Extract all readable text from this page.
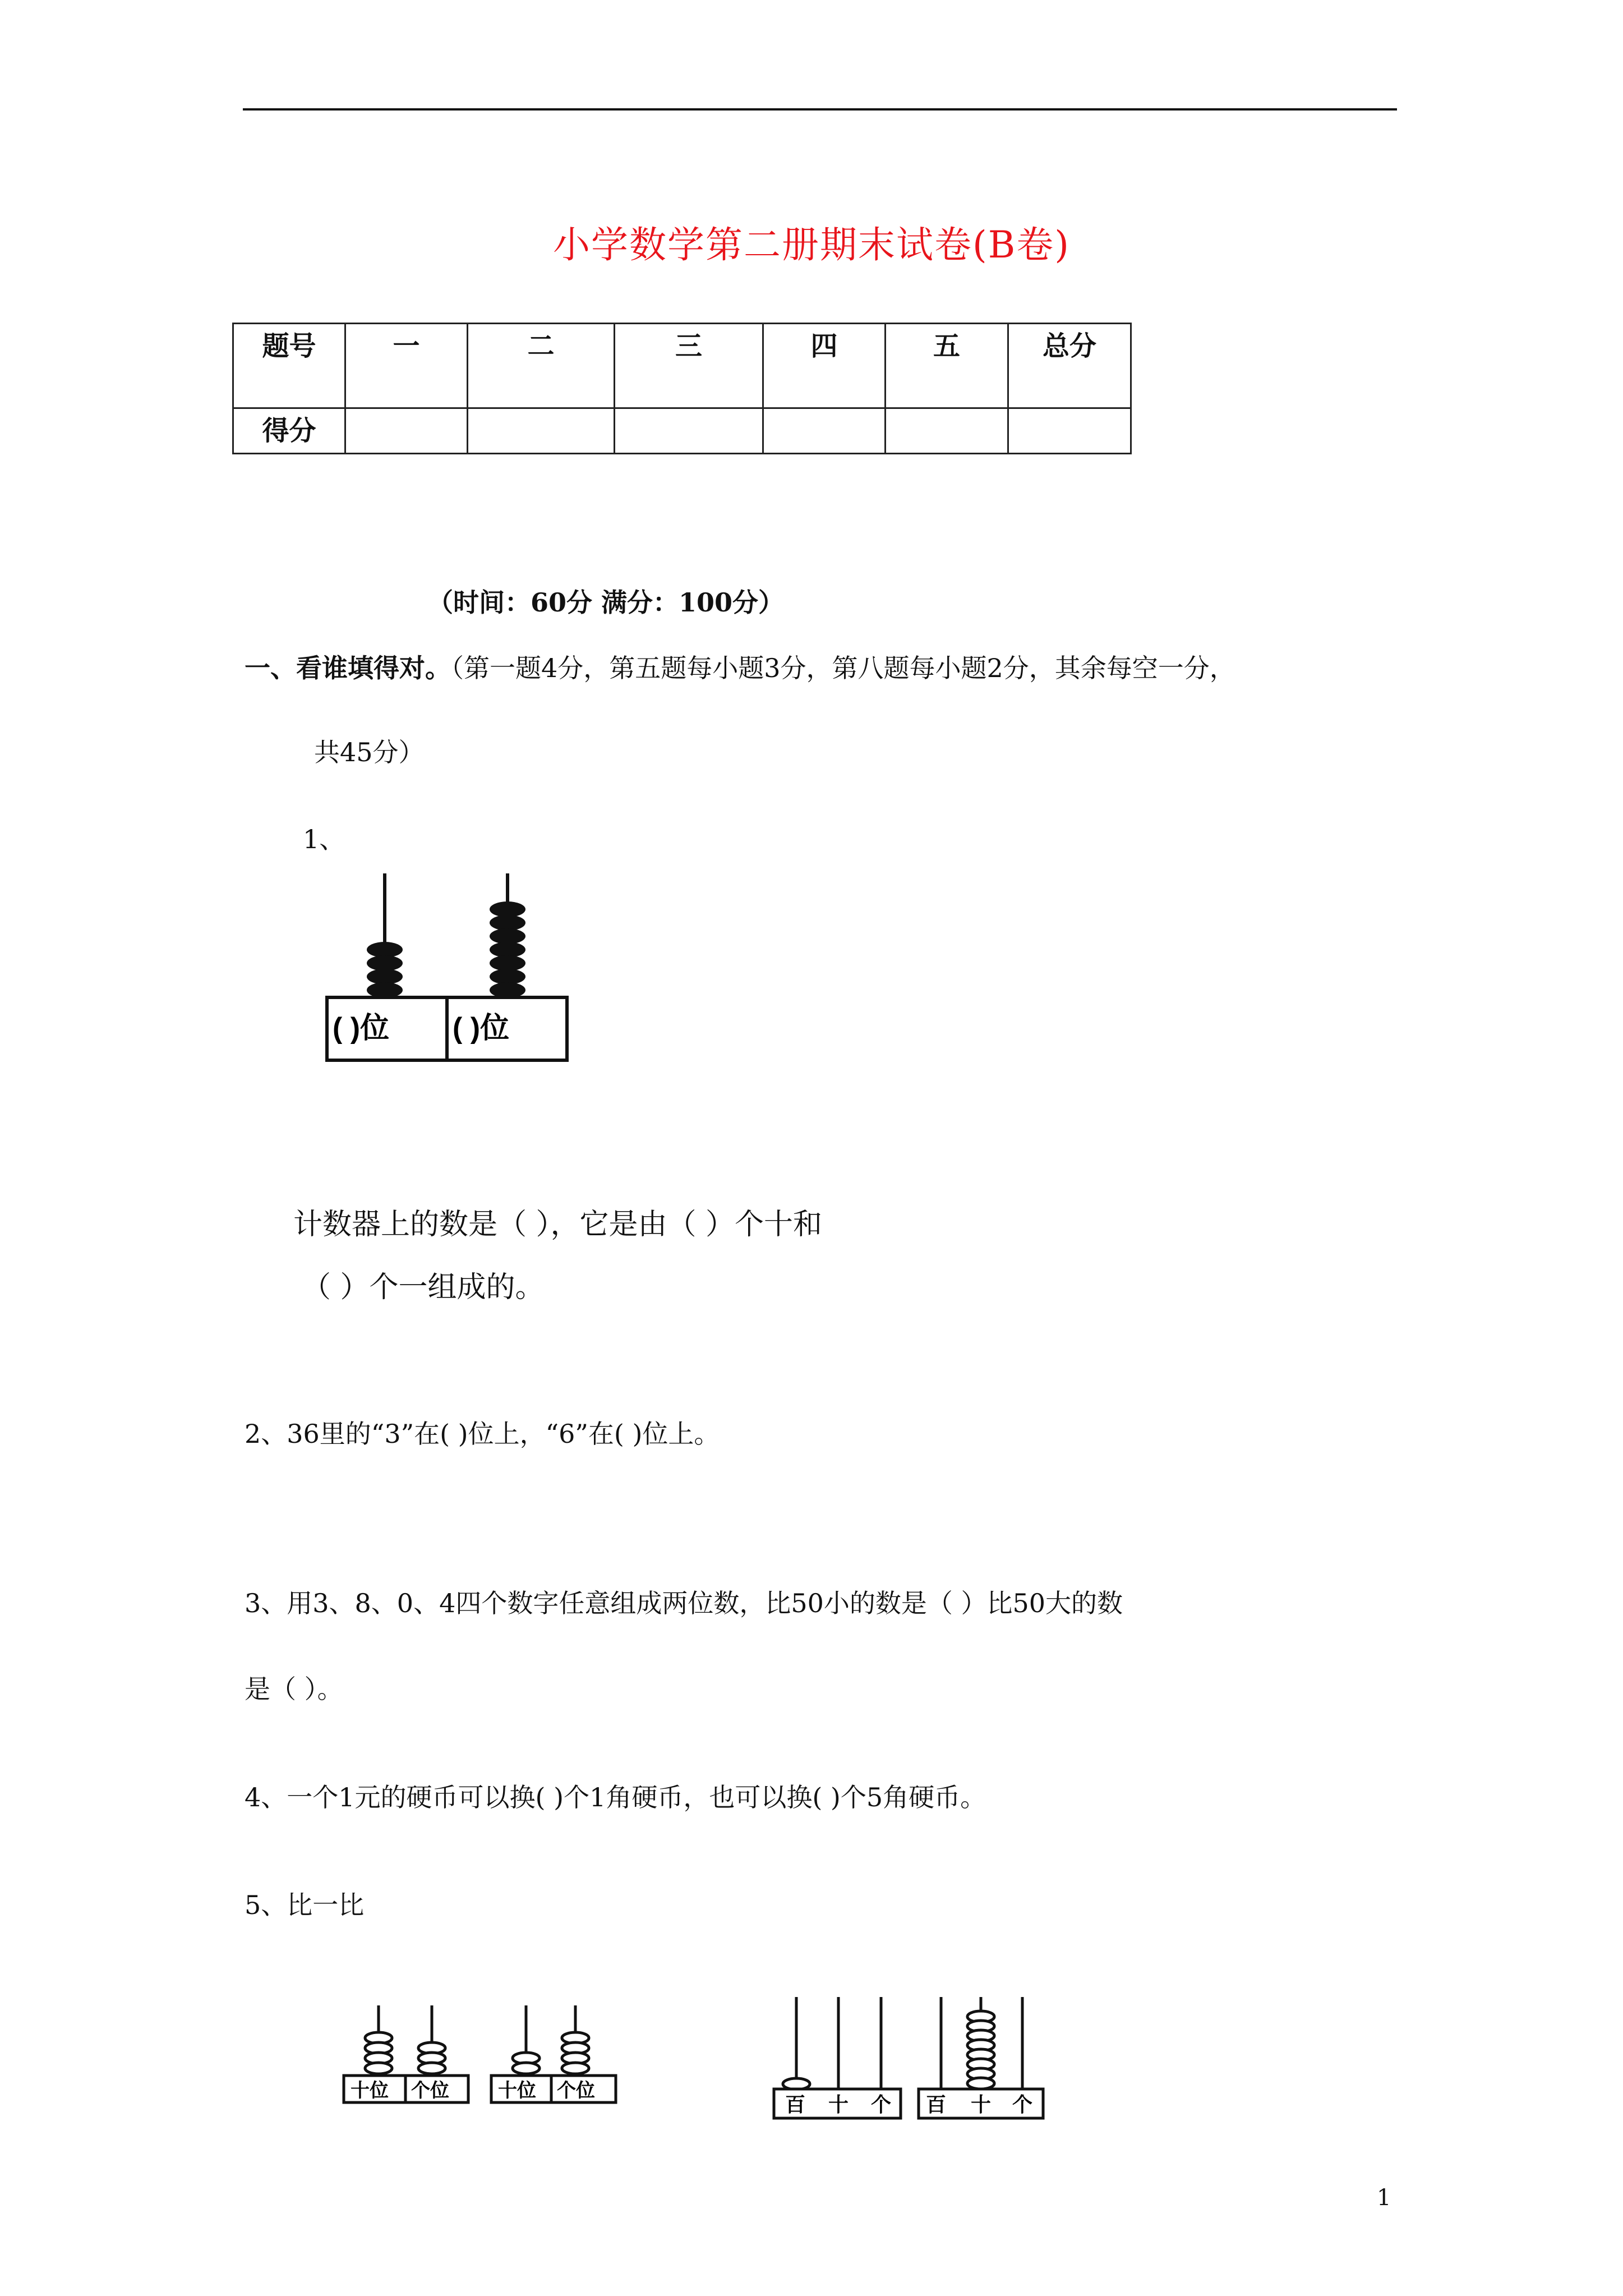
小学数学第二册期末试卷(B卷)
题号	一	二	三	四	五	总分
得分						
（时间：60分 满分：100分）
一、看谁填得对。（第一题4分，第五题每小题3分，第八题每小题2分，其余每空一分，
共45分）
1、
( )位 ( )位
计数器上的数是（ ），它是由（ ）个十和
（ ）个一组成的。
2、36里的“3”在( )位上，“6”在( )位上。
3、用3、8、0、4四个数字任意组成两位数，比50小的数是（ ）比50大的数
是（ ）。
4、一个1元的硬币可以换( )个1角硬币，也可以换( )个5角硬币。
5、比一比
十位 个位	十位 个位
百 十 个 百 十 个
1
